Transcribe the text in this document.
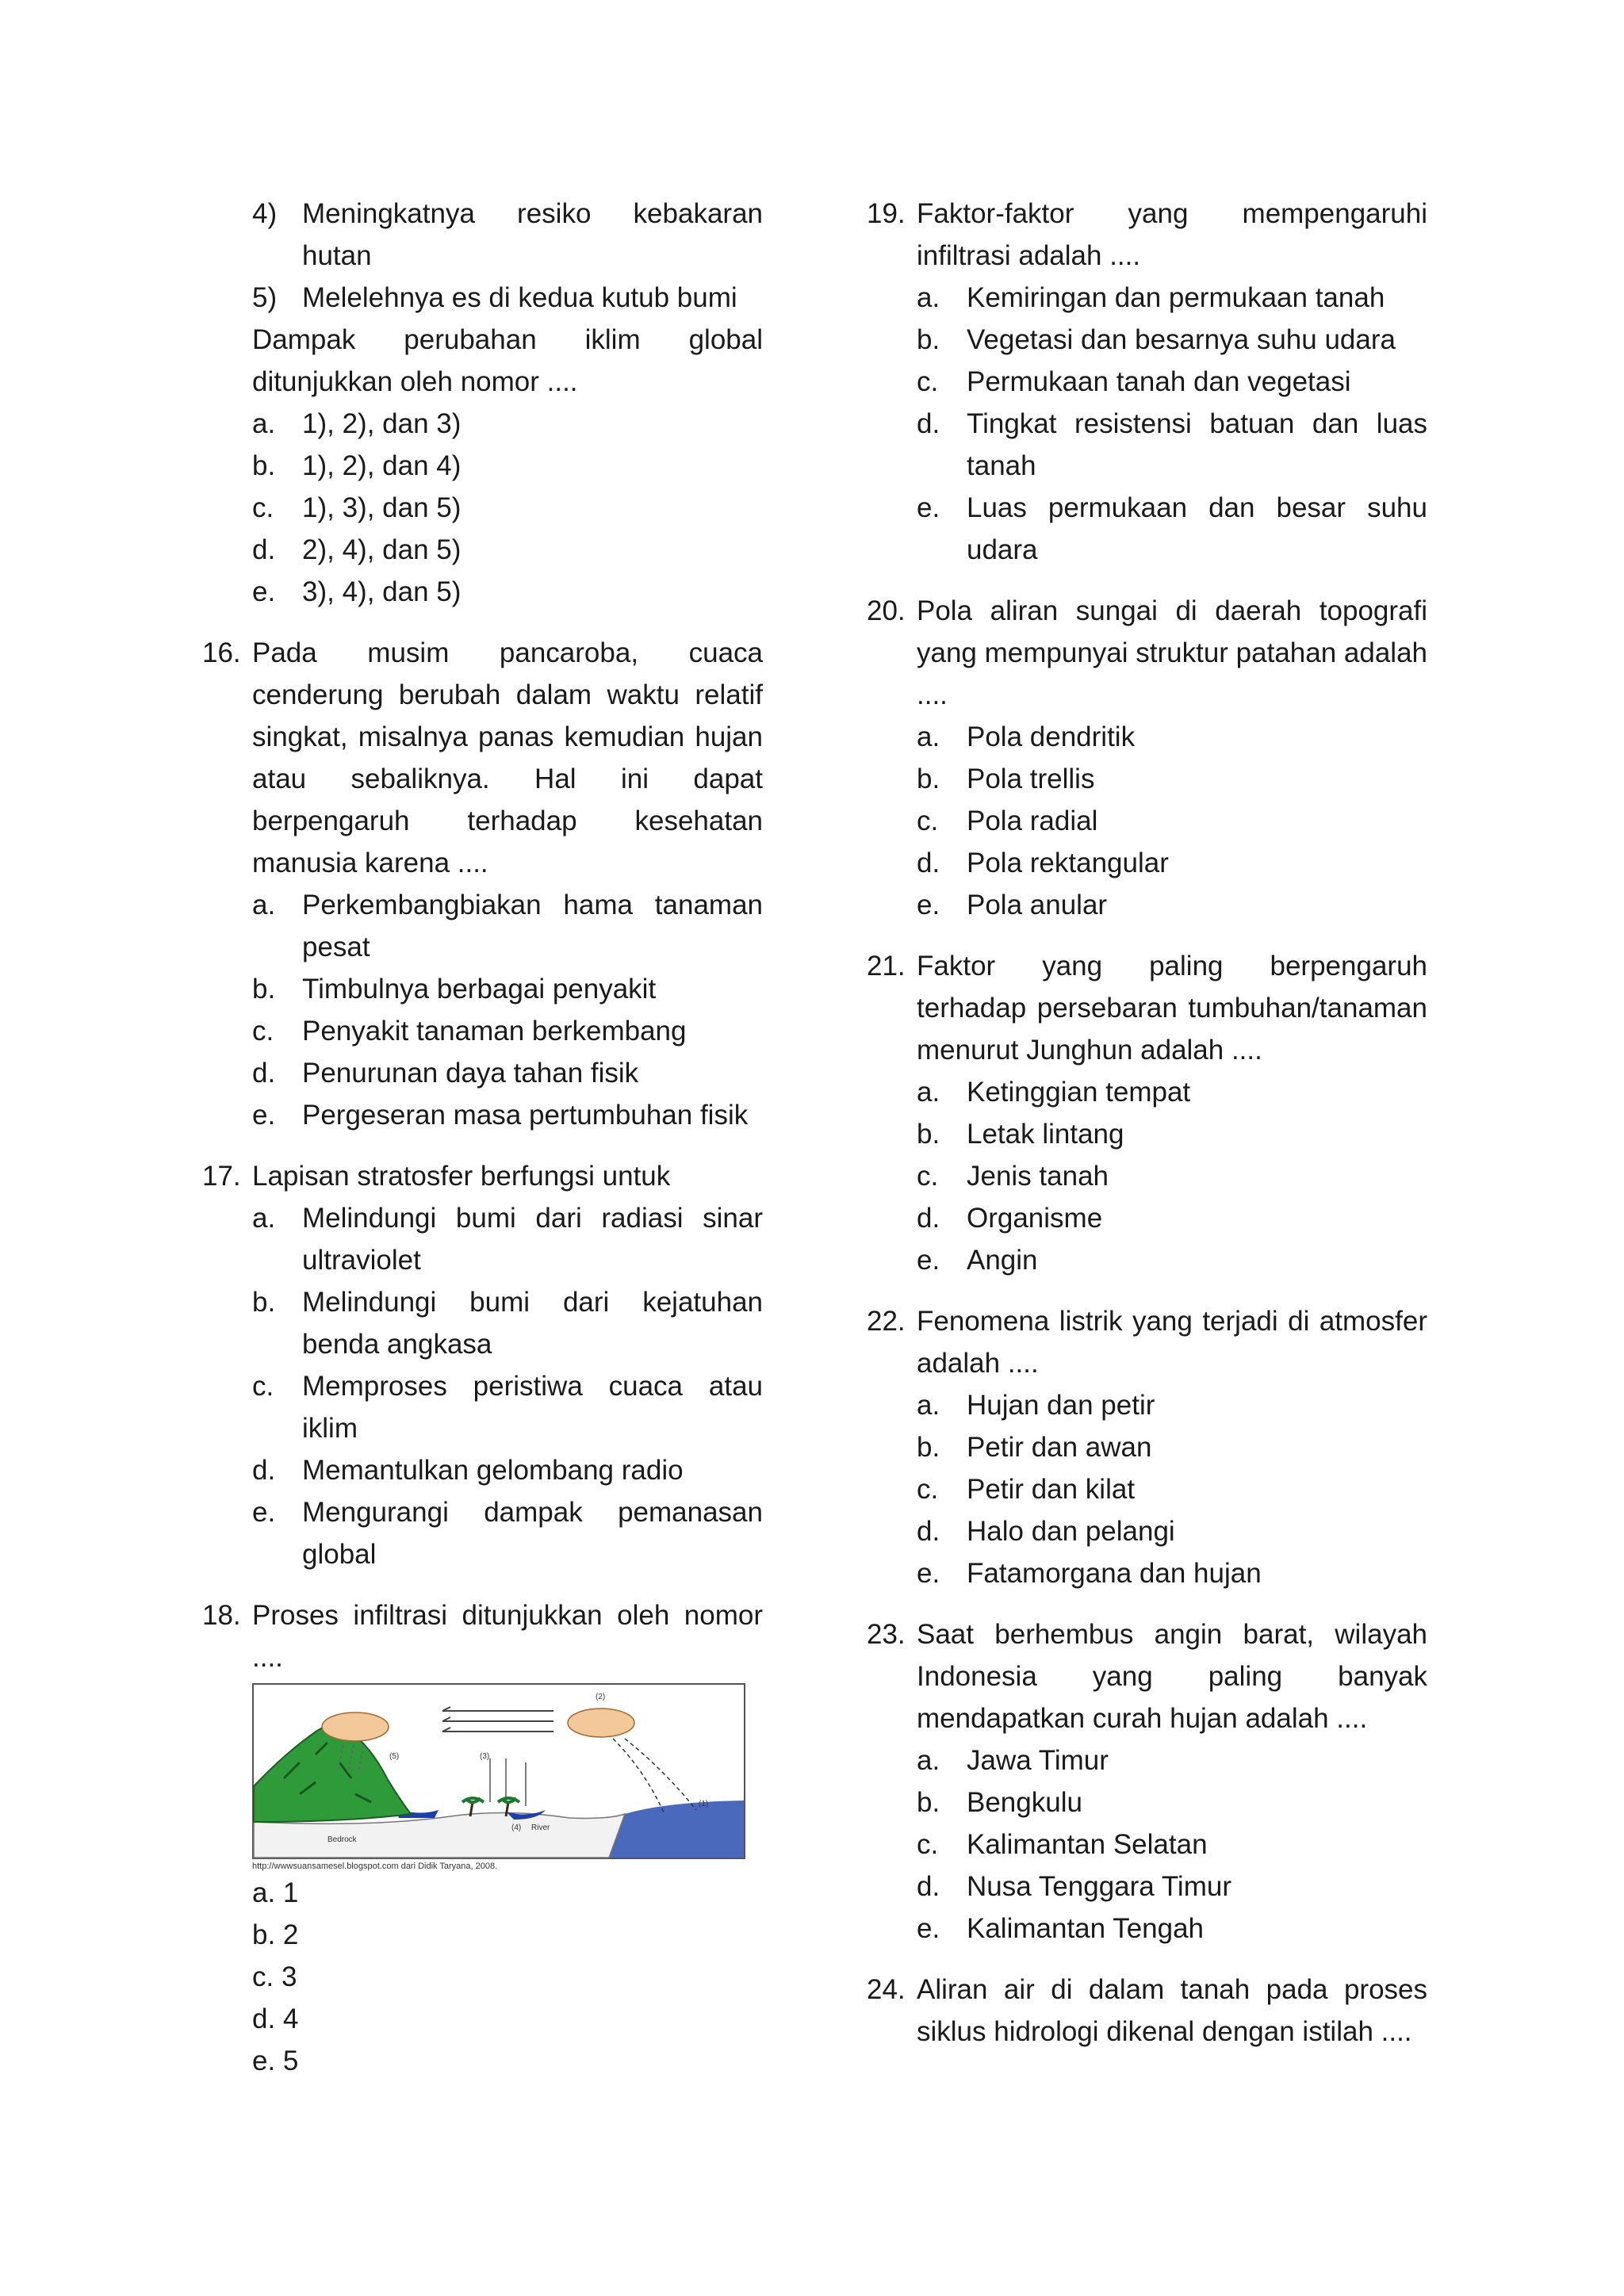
4) Meningkatnya resiko kebakaran hutan
5) Melelehnya es di kedua kutub bumi
Dampak perubahan iklim global ditunjukkan oleh nomor ....
a. 1), 2), dan 3)
b. 1), 2), dan 4)
c.	1), 3), dan 5)
d. 2), 4), dan 5)
e. 3), 4), dan 5)
16. Pada musim pancaroba, cuaca cenderung berubah dalam waktu relatif singkat, misalnya panas kemudian hujan atau sebaliknya. Hal ini dapat berpengaruh terhadap kesehatan manusia karena ....
a. Perkembangbiakan hama tanaman pesat
b. Timbulnya berbagai penyakit
c.	Penyakit tanaman berkembang
d. Penurunan daya tahan fisik
e. Pergeseran masa pertumbuhan fisik
17. Lapisan stratosfer berfungsi untuk
a. Melindungi bumi dari radiasi sinar ultraviolet
b. Melindungi bumi dari kejatuhan benda angkasa
c.	Memproses peristiwa cuaca atau iklim
d. Memantulkan gelombang radio
e. Mengurangi dampak pemanasan global
18. Proses infiltrasi ditunjukkan oleh nomor ....
(2)
(5)	(3)
(1)
(4) River
Bedrock
http://wwwsuansamesel.blogspot.com dari Didik Taryana, 2008.
a. 1
b. 2
c. 3
d. 4
e. 5
19. Faktor-faktor yang mempengaruhi infiltrasi adalah ....
a. Kemiringan dan permukaan tanah
b. Vegetasi dan besarnya suhu udara
c.	Permukaan tanah dan vegetasi
d. Tingkat resistensi batuan dan luas tanah
e. Luas permukaan dan besar suhu udara
20. Pola aliran sungai di daerah topografi yang mempunyai struktur patahan adalah ....
a. Pola dendritik
b. Pola trellis
c.	Pola radial
d. Pola rektangular
e. Pola anular
21. Faktor yang paling berpengaruh terhadap persebaran tumbuhan/tanaman menurut Junghun adalah ....
a. Ketinggian tempat
b. Letak lintang
c.	Jenis tanah
d. Organisme
e. Angin
22. Fenomena listrik yang terjadi di atmosfer adalah ....
a. Hujan dan petir
b. Petir dan awan
c.	Petir dan kilat
d. Halo dan pelangi
e. Fatamorgana dan hujan
23. Saat berhembus angin barat, wilayah Indonesia yang paling banyak mendapatkan curah hujan adalah ....
a. Jawa Timur
b. Bengkulu
c.	Kalimantan Selatan
d. Nusa Tenggara Timur
e. Kalimantan Tengah
24. Aliran air di dalam tanah pada proses siklus hidrologi dikenal dengan istilah ....
